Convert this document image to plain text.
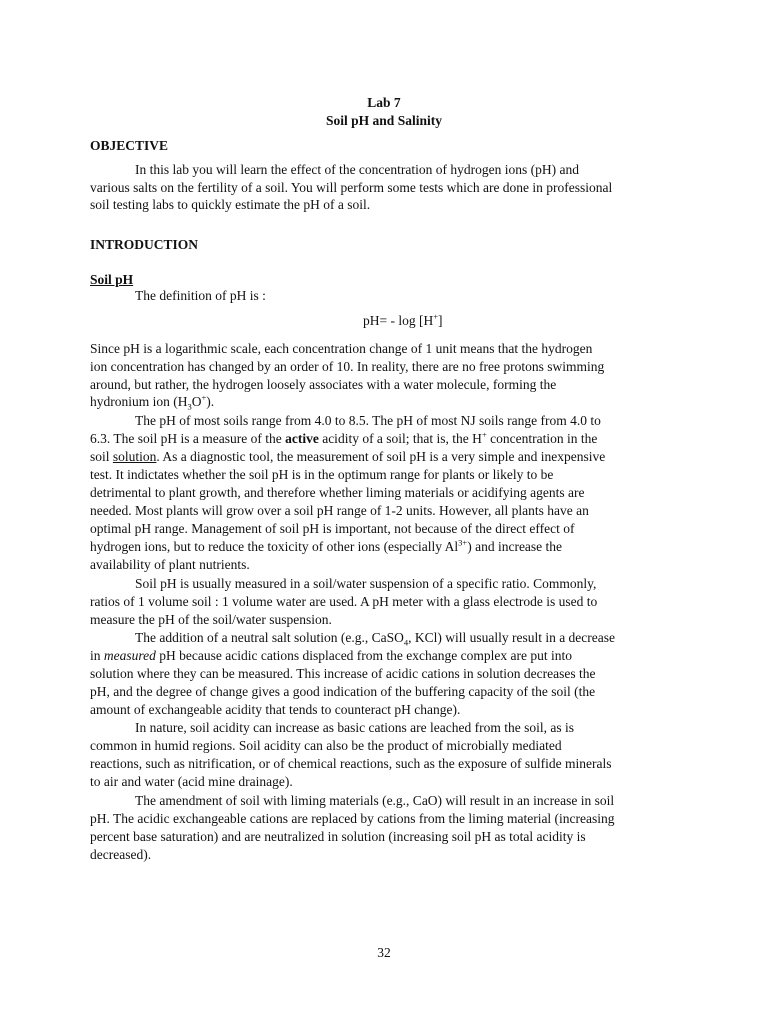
Lab 7
Soil pH and Salinity
OBJECTIVE
In this lab you will learn the effect of the concentration of hydrogen ions (pH) and
various salts on the fertility of a soil. You will perform some tests which are done in professional
soil testing labs to quickly estimate the pH of a soil.
INTRODUCTION
Soil pH
The definition of pH is :
pH= - log [H+]
Since pH is a logarithmic scale, each concentration change of 1 unit means that the hydrogen
ion concentration has changed by an order of 10. In reality, there are no free protons swimming
around, but rather, the hydrogen loosely associates with a water molecule, forming the
hydronium ion $(H_3O^+)$.
The pH of most soils range from 4.0 to 8.5. The pH of most NJ soils range from 4.0 to
6.3. The soil pH is a measure of the active acidity of a soil; that is, the H+ concentration in the
soil solution. As a diagnostic tool, the measurement of soil pH is a very simple and inexpensive
test. It indictates whether the soil pH is in the optimum range for plants or likely to be
detrimental to plant growth, and therefore whether liming materials or acidifying agents are
needed. Most plants will grow over a soil pH range of 1-2 units. However, all plants have an
optimal pH range. Management of soil pH is important, not because of the direct effect of
hydrogen ions, but to reduce the toxicity of other ions (especially $Al^{3+}$) and increase the
availability of plant nutrients.
Soil pH is usually measured in a soil/water suspension of a specific ratio. Commonly,
ratios of 1 volume soil : 1 volume water are used. A pH meter with a glass electrode is used to
measure the pH of the soil/water suspension.
The addition of a neutral salt solution (e.g., CaSO$_4$, KCl) will usually result in a decrease
in measured pH because acidic cations displaced from the exchange complex are put into
solution where they can be measured. This increase of acidic cations in solution decreases the
pH, and the degree of change gives a good indication of the buffering capacity of the soil (the
amount of exchangeable acidity that tends to counteract pH change).
In nature, soil acidity can increase as basic cations are leached from the soil, as is
common in humid regions. Soil acidity can also be the product of microbially mediated
reactions, such as nitrification, or of chemical reactions, such as the exposure of sulfide minerals
to air and water (acid mine drainage).
The amendment of soil with liming materials (e.g., CaO) will result in an increase in soil
pH. The acidic exchangeable cations are replaced by cations from the liming material (increasing
percent base saturation) and are neutralized in solution (increasing soil pH as total acidity is
decreased).
32
